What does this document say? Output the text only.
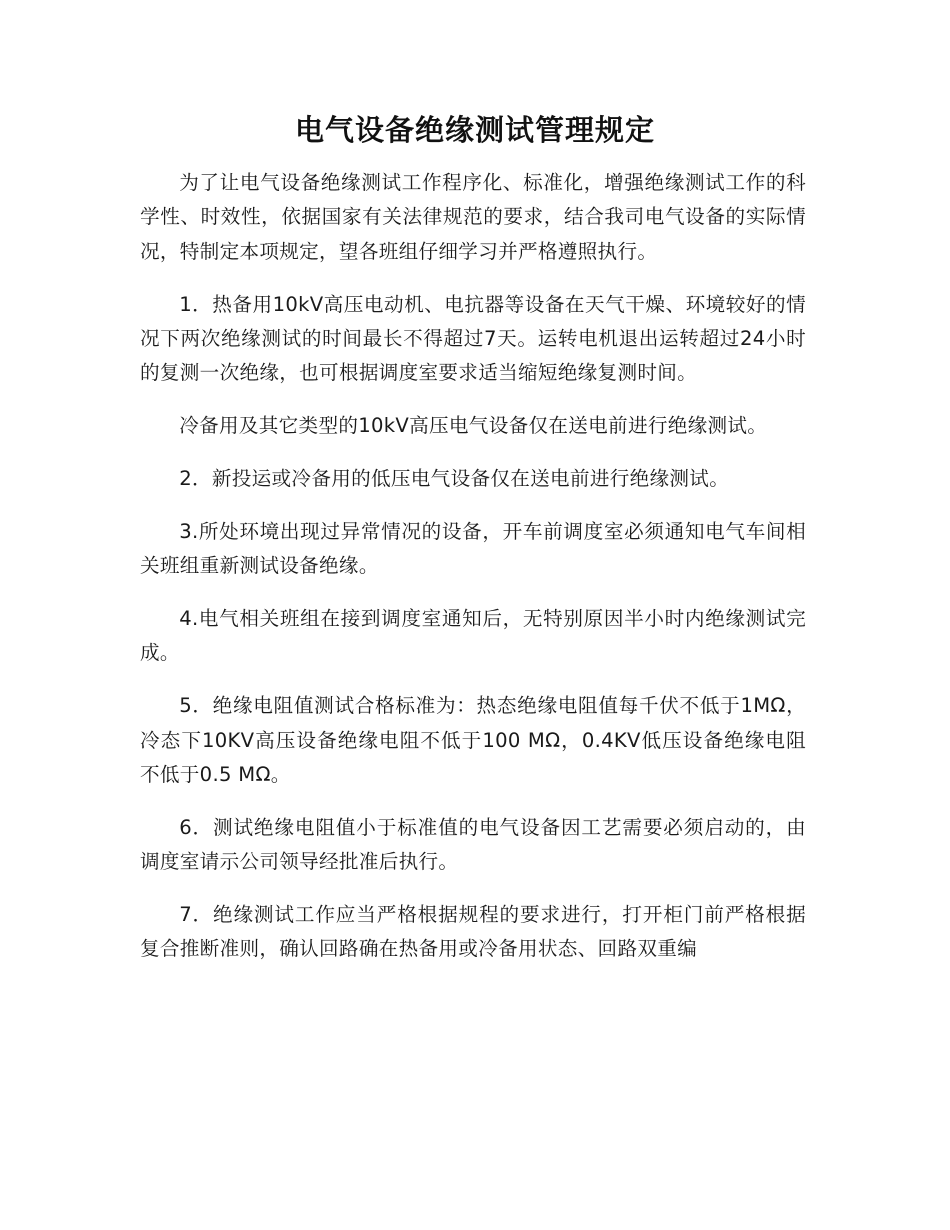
电气设备绝缘测试管理规定

为了让电气设备绝缘测试工作程序化、标准化，增强绝缘测试工作的科学性、时效性，依据国家有关法律规范的要求，结合我司电气设备的实际情况，特制定本项规定，望各班组仔细学习并严格遵照执行。

1．热备用10kV高压电动机、电抗器等设备在天气干燥、环境较好的情况下两次绝缘测试的时间最长不得超过7天。运转电机退出运转超过24小时的复测一次绝缘，也可根据调度室要求适当缩短绝缘复测时间。

冷备用及其它类型的10kV高压电气设备仅在送电前进行绝缘测试。

2．新投运或冷备用的低压电气设备仅在送电前进行绝缘测试。

3.所处环境出现过异常情况的设备，开车前调度室必须通知电气车间相关班组重新测试设备绝缘。

4.电气相关班组在接到调度室通知后，无特别原因半小时内绝缘测试完成。

5．绝缘电阻值测试合格标准为：热态绝缘电阻值每千伏不低于1MΩ，冷态下10KV高压设备绝缘电阻不低于100 MΩ，0.4KV低压设备绝缘电阻不低于0.5 MΩ。

6．测试绝缘电阻值小于标准值的电气设备因工艺需要必须启动的，由调度室请示公司领导经批准后执行。

7．绝缘测试工作应当严格根据规程的要求进行，打开柜门前严格根据复合推断准则，确认回路确在热备用或冷备用状态、回路双重编
